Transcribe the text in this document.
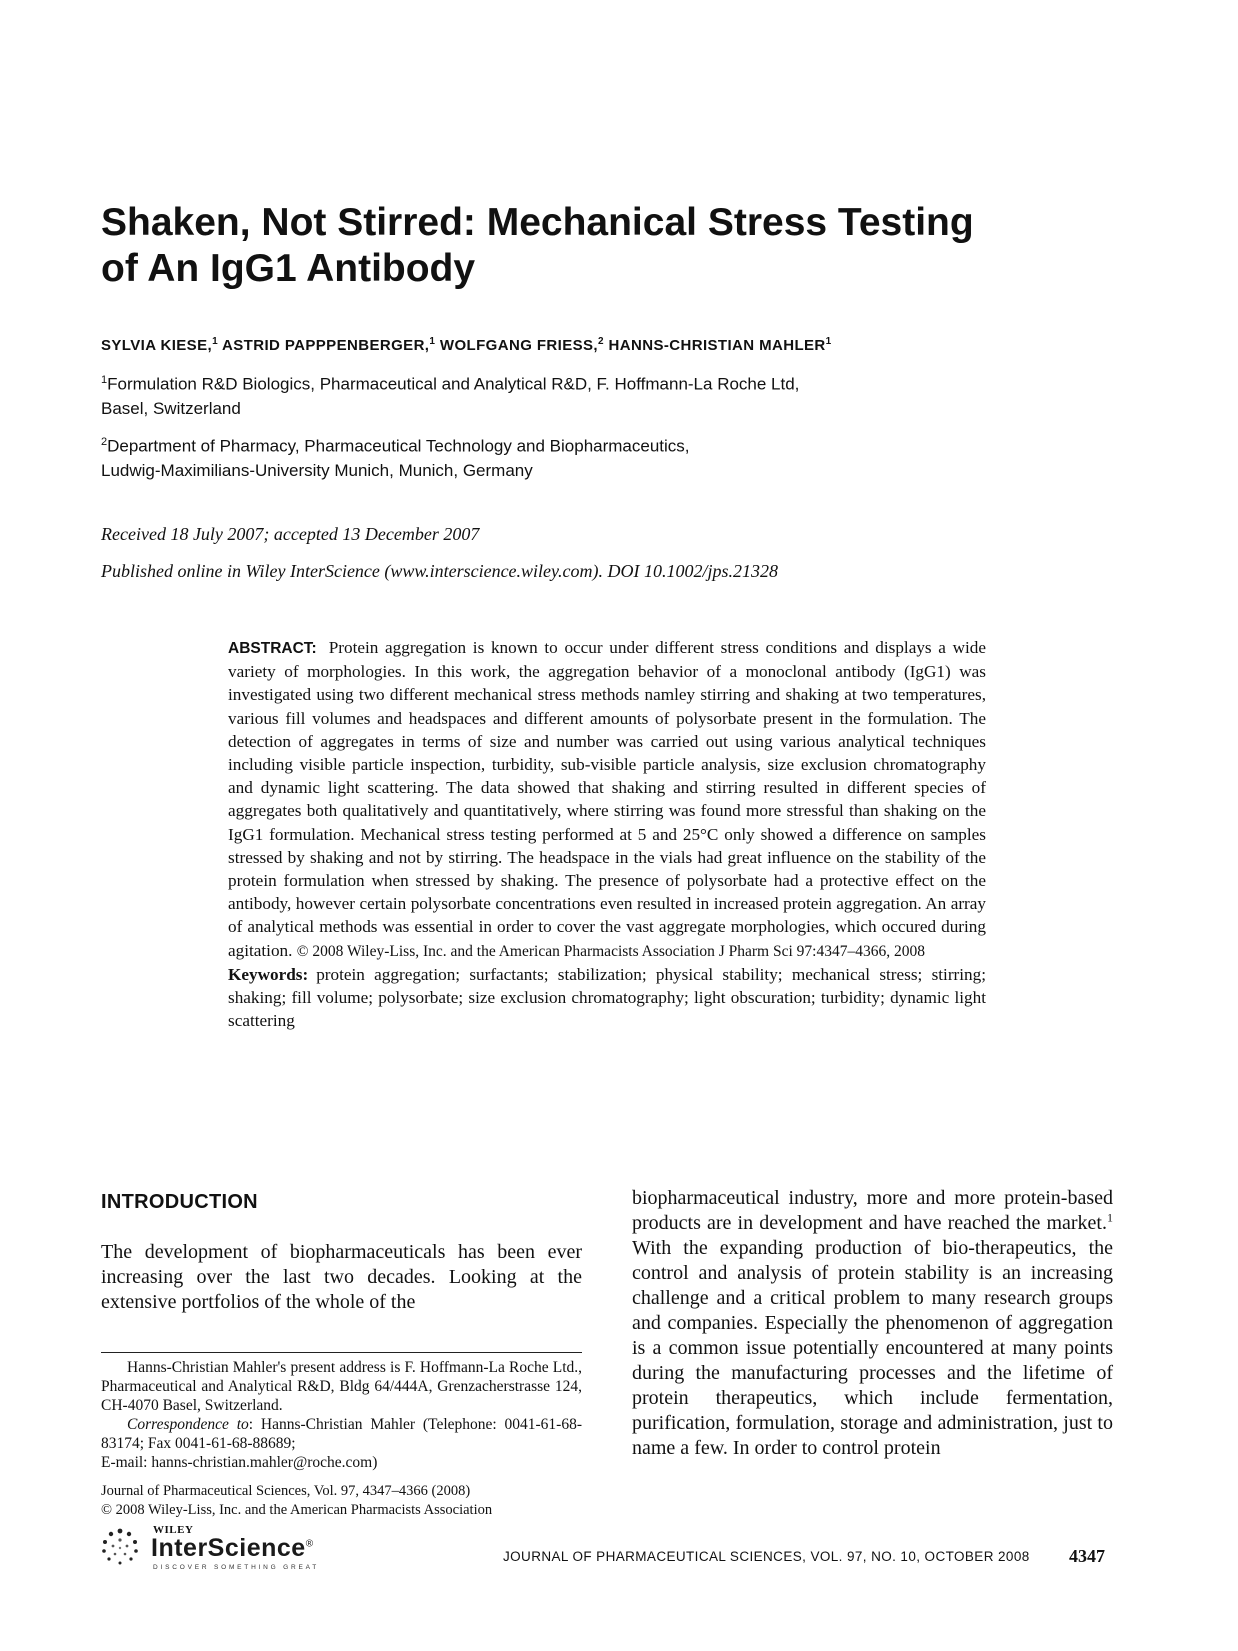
Shaken, Not Stirred: Mechanical Stress Testing
of An IgG1 Antibody
SYLVIA KIESE,$^1$ ASTRID PAPPPENBERGER,$^1$ WOLFGANG FRIESS,$^2$ HANNS-CHRISTIAN MAHLER$^1$
$^1$Formulation R&D Biologics, Pharmaceutical and Analytical R&D, F. Hoffmann-La Roche Ltd,
Basel, Switzerland
$^2$Department of Pharmacy, Pharmaceutical Technology and Biopharmaceutics,
Ludwig-Maximilians-University Munich, Munich, Germany
Received 18 July 2007; accepted 13 December 2007
Published online in Wiley InterScience (www.interscience.wiley.com). DOI 10.1002/jps.21328
ABSTRACT: Protein aggregation is known to occur under different stress conditions and displays a wide variety of morphologies. In this work, the aggregation behavior of a monoclonal antibody (IgG1) was investigated using two different mechanical stress methods namley stirring and shaking at two temperatures, various fill volumes and headspaces and different amounts of polysorbate present in the formulation. The detection of aggregates in terms of size and number was carried out using various analytical techniques including visible particle inspection, turbidity, sub-visible particle analysis, size exclusion chromatography and dynamic light scattering. The data showed that shaking and stirring resulted in different species of aggregates both qualitatively and quantitatively, where stirring was found more stressful than shaking on the IgG1 formulation. Mechanical stress testing performed at 5 and 25°C only showed a difference on samples stressed by shaking and not by stirring. The headspace in the vials had great influence on the stability of the protein formulation when stressed by shaking. The presence of polysorbate had a protective effect on the antibody, however certain polysorbate concentrations even resulted in increased protein aggregation. An array of analytical methods was essential in order to cover the vast aggregate morphologies, which occured during agitation. © 2008 Wiley-Liss, Inc. and the American Pharmacists Association J Pharm Sci 97:4347–4366, 2008
Keywords: protein aggregation; surfactants; stabilization; physical stability; mechanical stress; stirring; shaking; fill volume; polysorbate; size exclusion chromatography; light obscuration; turbidity; dynamic light scattering
INTRODUCTION
The development of biopharmaceuticals has been ever increasing over the last two decades. Looking at the extensive portfolios of the whole of the
biopharmaceutical industry, more and more protein-based products are in development and have reached the market.$^1$ With the expanding production of bio-therapeutics, the control and analysis of protein stability is an increasing challenge and a critical problem to many research groups and companies. Especially the phenomenon of aggregation is a common issue potentially encountered at many points during the manufacturing processes and the lifetime of protein therapeutics, which include fermentation, purification, formulation, storage and administration, just to name a few. In order to control protein

Hanns-Christian Mahler's present address is F. Hoffmann-La Roche Ltd., Pharmaceutical and Analytical R&D, Bldg 64/444A, Grenzacherstrasse 124, CH-4070 Basel, Switzerland.

Correspondence to: Hanns-Christian Mahler (Telephone: 0041-61-68-83174; Fax 0041-61-68-88689;

E-mail: hanns-christian.mahler@roche.com)

Journal of Pharmaceutical Sciences, Vol. 97, 4347–4366 (2008)

© 2008 Wiley-Liss, Inc. and the American Pharmacists Association

WILEY
InterScience®
DISCOVER SOMETHING GREAT
JOURNAL OF PHARMACEUTICAL SCIENCES, VOL. 97, NO. 10, OCTOBER 2008 4347
